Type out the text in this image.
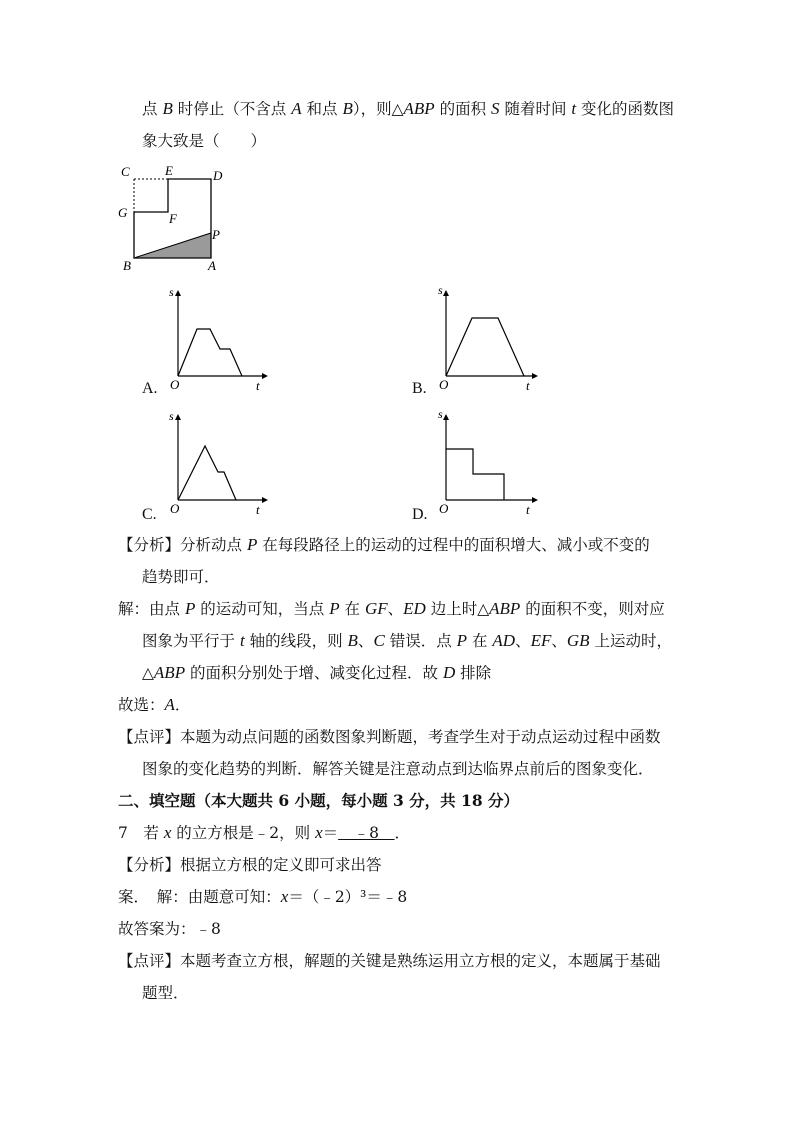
点 B 时停止（不含点 A 和点 B），则△ABP 的面积 S 随着时间 t 变化的函数图
象大致是（　　）
C	E	D
G	F
P
B	A
s
O	t
A.
s
O	t
B.
s
O	t
C.
s
O	t
D.
【分析】分析动点 P 在每段路径上的运动的过程中的面积增大、减小或不变的
趋势即可．
解：由点 P 的运动可知，当点 P 在 GF、ED 边上时△ABP 的面积不变，则对应
图象为平行于 t 轴的线段，则 B、C 错误．点 P 在 AD、EF、GB 上运动时，
△ABP 的面积分别处于增、减变化过程．故 D 排除
故选：A．
【点评】本题为动点问题的函数图象判断题，考查学生对于动点运动过程中函数
图象的变化趋势的判断．解答关键是注意动点到达临界点前后的图象变化．
二、填空题（本大题共 6 小题，每小题 3 分，共 18 分）
7　 若 x 的立方根是﹣2，则 x＝　﹣8　．
【分析】根据立方根的定义即可求出答
案．　解：由题意可知：x＝（﹣2）³＝﹣8
故答案为：﹣8
【点评】本题考查立方根，解题的关键是熟练运用立方根的定义，本题属于基础
题型．
